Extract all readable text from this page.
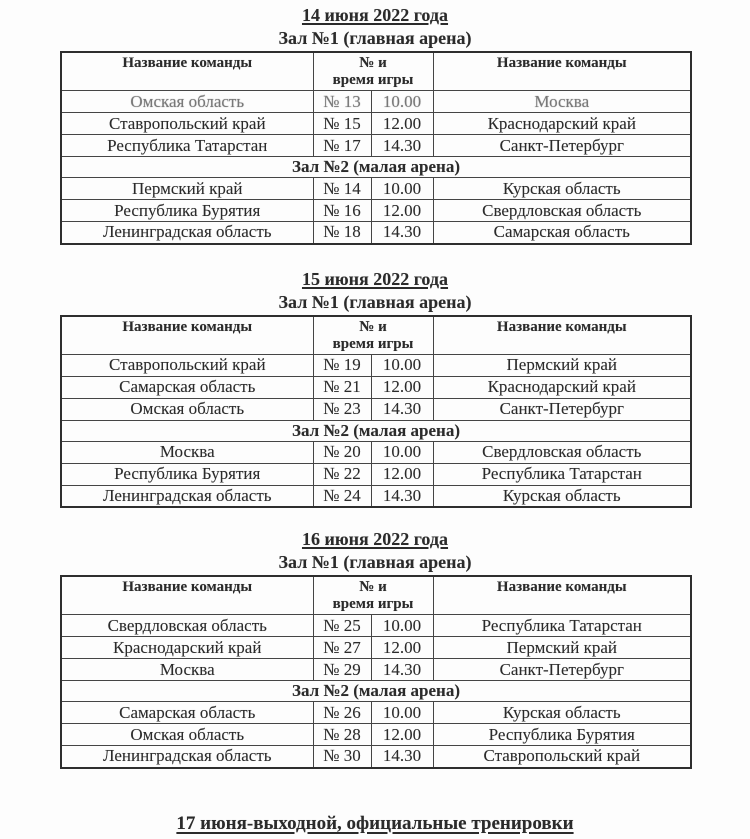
14 июня 2022 года
Зал №1 (главная арена)
Название команды	№ и
время игры		Название команды
Омская область	№ 13	10.00	Москва
Ставропольский край	№ 15	12.00	Краснодарский край
Республика Татарстан	№ 17	14.30	Санкт-Петербург
Зал №2 (малая арена)			
Пермский край	№ 14	10.00	Курская область
Республика Бурятия	№ 16	12.00	Свердловская область
Ленинградская область	№ 18	14.30	Самарская область
15 июня 2022 года
Зал №1 (главная арена)
Название команды	№ и
время игры		Название команды
Ставропольский край	№ 19	10.00	Пермский край
Самарская область	№ 21	12.00	Краснодарский край
Омская область	№ 23	14.30	Санкт-Петербург
Зал №2 (малая арена)			
Москва	№ 20	10.00	Свердловская область
Республика Бурятия	№ 22	12.00	Республика Татарстан
Ленинградская область	№ 24	14.30	Курская область
16 июня 2022 года
Зал №1 (главная арена)
Название команды	№ и
время игры		Название команды
Свердловская область	№ 25	10.00	Республика Татарстан
Краснодарский край	№ 27	12.00	Пермский край
Москва	№ 29	14.30	Санкт-Петербург
Зал №2 (малая арена)			
Самарская область	№ 26	10.00	Курская область
Омская область	№ 28	12.00	Республика Бурятия
Ленинградская область	№ 30	14.30	Ставропольский край
17 июня-выходной, официальные тренировки
